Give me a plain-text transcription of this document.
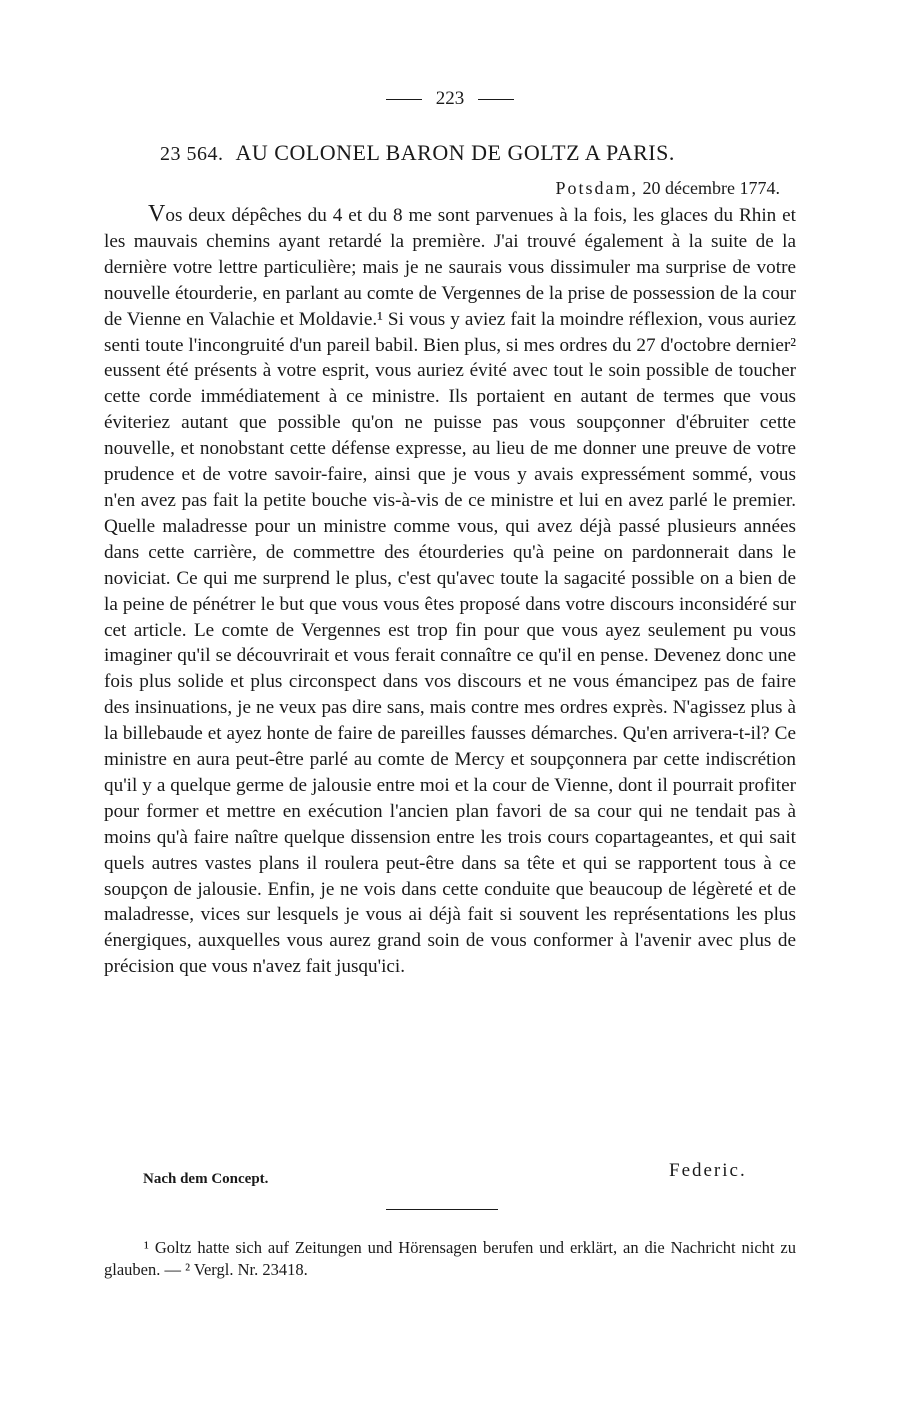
223
23 564. AU COLONEL BARON DE GOLTZ A PARIS.
Potsdam, 20 décembre 1774.
Vos deux dépêches du 4 et du 8 me sont parvenues à la fois, les glaces du Rhin et les mauvais chemins ayant retardé la première. J'ai trouvé également à la suite de la dernière votre lettre particulière; mais je ne saurais vous dissimuler ma surprise de votre nouvelle étourderie, en parlant au comte de Vergennes de la prise de possession de la cour de Vienne en Valachie et Moldavie.¹ Si vous y aviez fait la moindre réflexion, vous auriez senti toute l'incongruité d'un pareil babil. Bien plus, si mes ordres du 27 d'octobre dernier² eussent été présents à votre esprit, vous auriez évité avec tout le soin possible de toucher cette corde immédiatement à ce ministre. Ils portaient en autant de termes que vous éviteriez autant que possible qu'on ne puisse pas vous soupçonner d'ébruiter cette nouvelle, et nonobstant cette défense expresse, au lieu de me donner une preuve de votre prudence et de votre savoir-faire, ainsi que je vous y avais expressément sommé, vous n'en avez pas fait la petite bouche vis-à-vis de ce ministre et lui en avez parlé le premier. Quelle maladresse pour un ministre comme vous, qui avez déjà passé plusieurs années dans cette carrière, de commettre des étourderies qu'à peine on pardonnerait dans le noviciat. Ce qui me surprend le plus, c'est qu'avec toute la sagacité possible on a bien de la peine de pénétrer le but que vous vous êtes proposé dans votre discours inconsidéré sur cet article. Le comte de Vergennes est trop fin pour que vous ayez seulement pu vous imaginer qu'il se découvrirait et vous ferait connaître ce qu'il en pense. Devenez donc une fois plus solide et plus circonspect dans vos discours et ne vous émancipez pas de faire des insinuations, je ne veux pas dire sans, mais contre mes ordres exprès. N'agissez plus à la billebaude et ayez honte de faire de pareilles fausses démarches. Qu'en arrivera-t-il? Ce ministre en aura peut-être parlé au comte de Mercy et soupçonnera par cette indiscrétion qu'il y a quelque germe de jalousie entre moi et la cour de Vienne, dont il pourrait profiter pour former et mettre en exécution l'ancien plan favori de sa cour qui ne tendait pas à moins qu'à faire naître quelque dissension entre les trois cours copartageantes, et qui sait quels autres vastes plans il roulera peut-être dans sa tête et qui se rapportent tous à ce soupçon de jalousie. Enfin, je ne vois dans cette conduite que beaucoup de légèreté et de maladresse, vices sur lesquels je vous ai déjà fait si souvent les représentations les plus énergiques, auxquelles vous aurez grand soin de vous conformer à l'avenir avec plus de précision que vous n'avez fait jusqu'ici.
Nach dem Concept.	Federic.
¹ Goltz hatte sich auf Zeitungen und Hörensagen berufen und erklärt, an die Nachricht nicht zu glauben. — ² Vergl. Nr. 23418.
